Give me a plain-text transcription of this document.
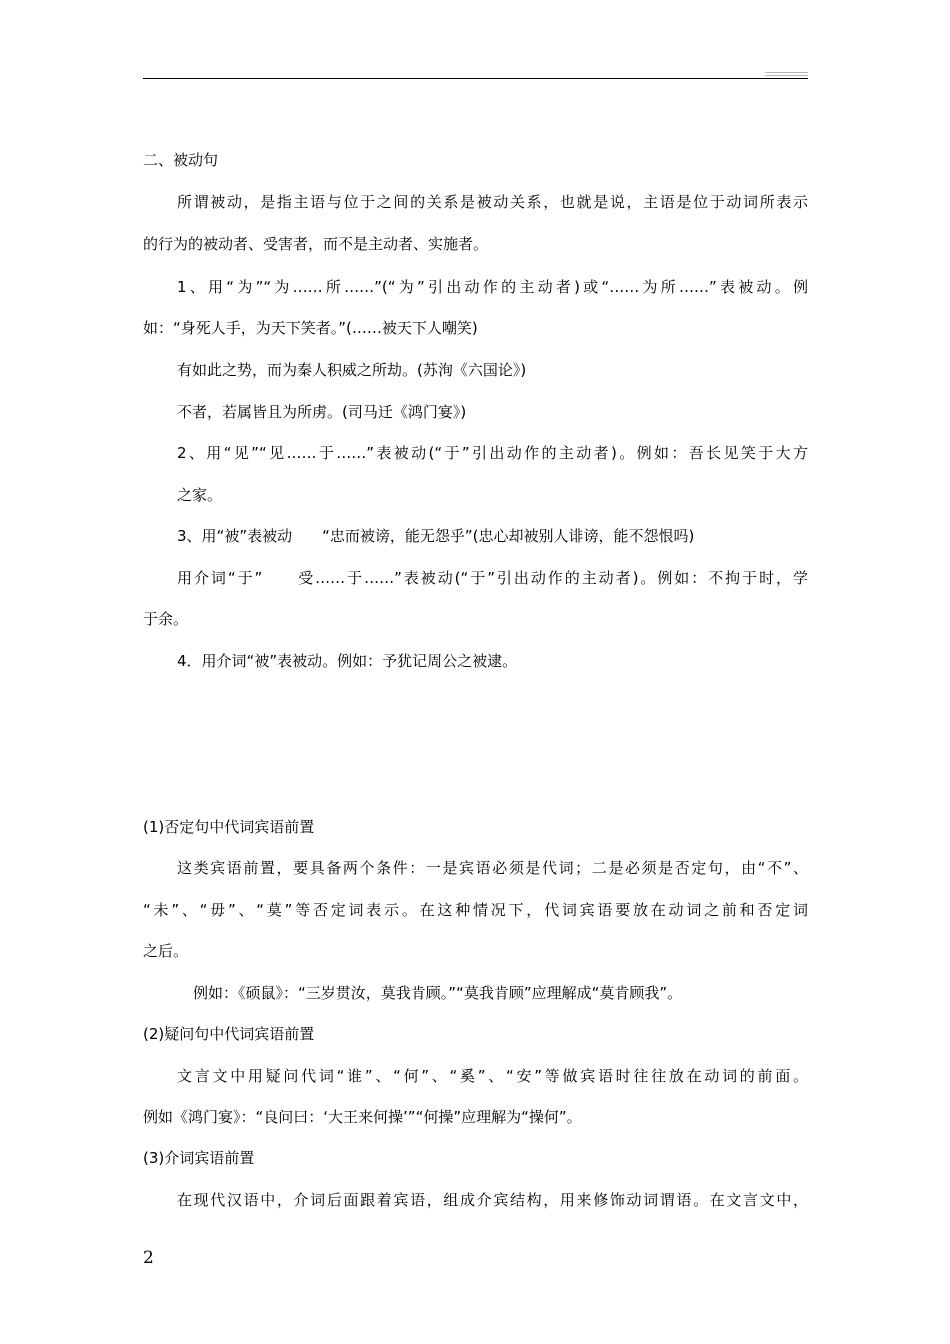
二、被动句
所谓被动，是指主语与位于之间的关系是被动关系，也就是说，主语是位于动词所表示
的行为的被动者、受害者，而不是主动者、实施者。
1、用“为”“为……所……”(“为”引出动作的主动者)或“……为所……”表被动。例
如：“身死人手，为天下笑者。”(……被天下人嘲笑)
有如此之势，而为秦人积威之所劫。(苏洵《六国论》)
不者，若属皆且为所虏。(司马迁《鸿门宴》)
2、用“见”“见……于……”表被动(“于”引出动作的主动者)。例如：吾长见笑于大方
之家。
3、用“被”表被动　　“忠而被谤，能无怨乎”(忠心却被别人诽谤，能不怨恨吗)
用介词“于”　　受……于……”表被动(“于”引出动作的主动者)。例如：不拘于时，学
于余。
4．用介词“被”表被动。例如：予犹记周公之被逮。
(1)否定句中代词宾语前置
这类宾语前置，要具备两个条件：一是宾语必须是代词；二是必须是否定句，由“不”、
“未”、“毋”、“莫”等否定词表示。在这种情况下，代词宾语要放在动词之前和否定词
之后。
例如：《硕鼠》：“三岁贯汝，莫我肯顾。”“莫我肯顾”应理解成“莫肯顾我”。
(2)疑问句中代词宾语前置
文言文中用疑问代词“谁”、“何”、“奚”、“安”等做宾语时往往放在动词的前面。
例如《鸿门宴》：“良问曰：‘大王来何操’”“何操”应理解为“操何”。
(3)介词宾语前置
在现代汉语中，介词后面跟着宾语，组成介宾结构，用来修饰动词谓语。在文言文中，
2
